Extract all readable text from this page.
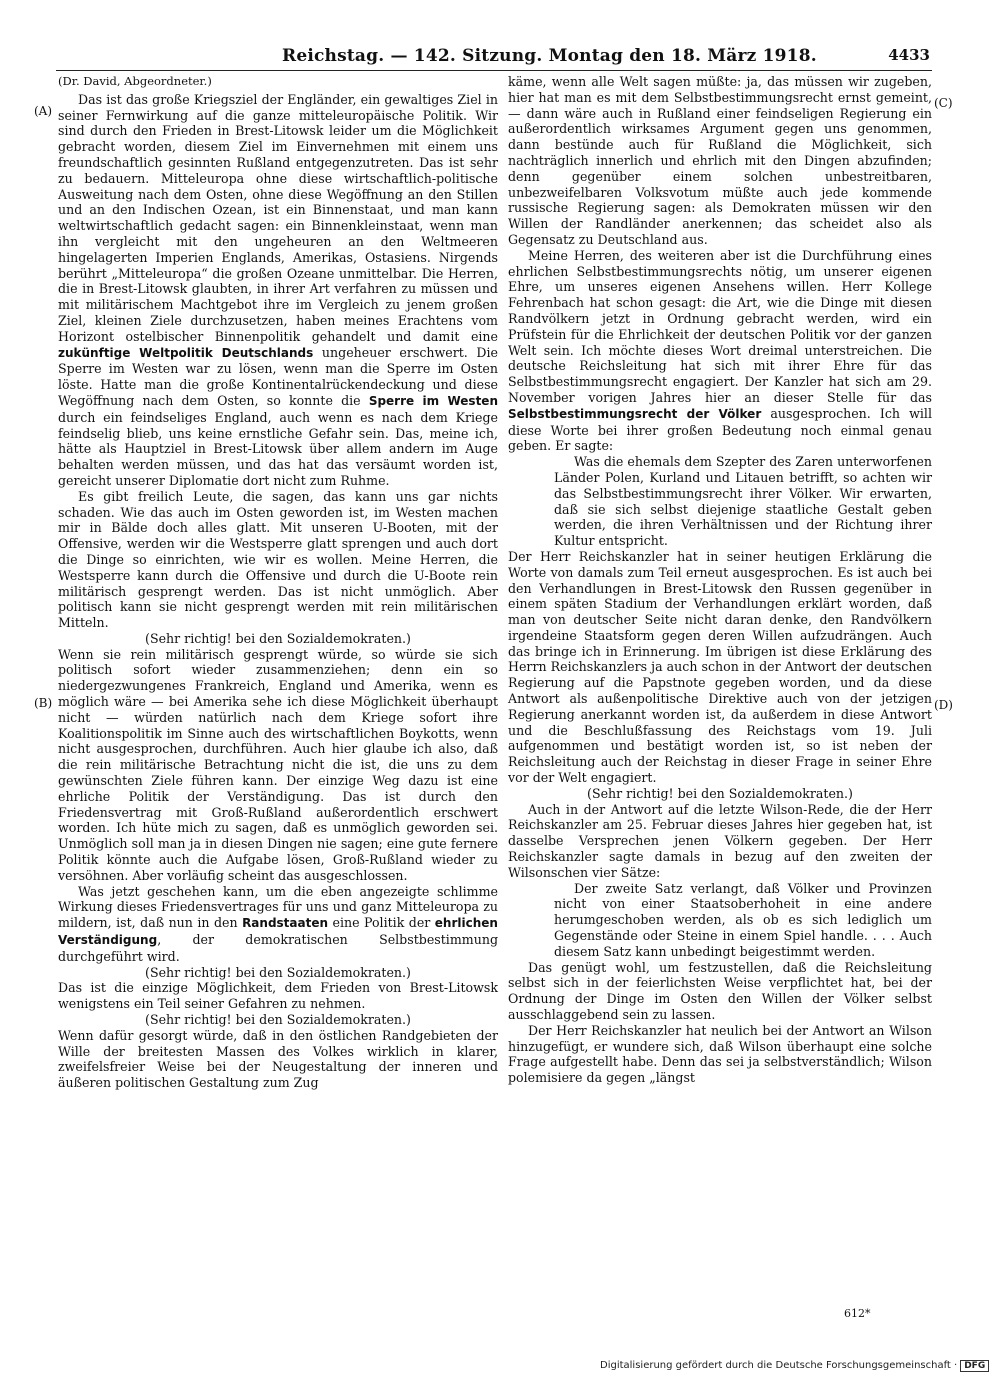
Reichstag. — 142. Sitzung. Montag den 18. März 1918.	4433
(A)
(B)
(C)
(D)
(Dr. David, Abgeordneter.)

Das ist das große Kriegsziel der Engländer, ein gewaltiges Ziel in seiner Fernwirkung auf die ganze mitteleuropäische Politik. Wir sind durch den Frieden in Brest-Litowsk leider um die Möglichkeit gebracht worden, diesem Ziel im Einvernehmen mit einem uns freundschaftlich gesinnten Rußland entgegenzutreten. Das ist sehr zu bedauern. Mitteleuropa ohne diese wirtschaftlich-politische Ausweitung nach dem Osten, ohne diese Wegöffnung an den Stillen und an den Indischen Ozean, ist ein Binnenstaat, und man kann weltwirtschaftlich gedacht sagen: ein Binnenkleinstaat, wenn man ihn vergleicht mit den ungeheuren an den Weltmeeren hingelagerten Imperien Englands, Amerikas, Ostasiens. Nirgends berührt „Mitteleuropa“ die großen Ozeane unmittelbar. Die Herren, die in Brest-Litowsk glaubten, in ihrer Art verfahren zu müssen und mit militärischem Machtgebot ihre im Vergleich zu jenem großen Ziel, kleinen Ziele durchzusetzen, haben meines Erachtens vom Horizont ostelbischer Binnenpolitik gehandelt und damit eine zukünftige Weltpolitik Deutschlands ungeheuer erschwert. Die Sperre im Westen war zu lösen, wenn man die Sperre im Osten löste. Hatte man die große Kontinentalrückendeckung und diese Wegöffnung nach dem Osten, so konnte die Sperre im Westen durch ein feindseliges England, auch wenn es nach dem Kriege feindselig blieb, uns keine ernstliche Gefahr sein. Das, meine ich, hätte als Hauptziel in Brest-Litowsk über allem andern im Auge behalten werden müssen, und das hat das versäumt worden ist, gereicht unserer Diplomatie dort nicht zum Ruhme.

Es gibt freilich Leute, die sagen, das kann uns gar nichts schaden. Wie das auch im Osten geworden ist, im Westen machen mir in Bälde doch alles glatt. Mit unseren U-Booten, mit der Offensive, werden wir die Westsperre glatt sprengen und auch dort die Dinge so einrichten, wie wir es wollen. Meine Herren, die Westsperre kann durch die Offensive und durch die U-Boote rein militärisch gesprengt werden. Das ist nicht unmöglich. Aber politisch kann sie nicht gesprengt werden mit rein militärischen Mitteln.

(Sehr richtig! bei den Sozialdemokraten.)

Wenn sie rein militärisch gesprengt würde, so würde sie sich politisch sofort wieder zusammenziehen; denn ein so niedergezwungenes Frankreich, England und Amerika, wenn es möglich wäre — bei Amerika sehe ich diese Möglichkeit überhaupt nicht — würden natürlich nach dem Kriege sofort ihre Koalitionspolitik im Sinne auch des wirtschaftlichen Boykotts, wenn nicht ausgesprochen, durchführen. Auch hier glaube ich also, daß die rein militärische Betrachtung nicht die ist, die uns zu dem gewünschten Ziele führen kann. Der einzige Weg dazu ist eine ehrliche Politik der Verständigung. Das ist durch den Friedensvertrag mit Groß-Rußland außerordentlich erschwert worden. Ich hüte mich zu sagen, daß es unmöglich geworden sei. Unmöglich soll man ja in diesen Dingen nie sagen; eine gute fernere Politik könnte auch die Aufgabe lösen, Groß-Rußland wieder zu versöhnen. Aber vorläufig scheint das ausgeschlossen.

Was jetzt geschehen kann, um die eben angezeigte schlimme Wirkung dieses Friedensvertrages für uns und ganz Mitteleuropa zu mildern, ist, daß nun in den Randstaaten eine Politik der ehrlichen Verständigung, der demokratischen Selbstbestimmung durchgeführt wird.

(Sehr richtig! bei den Sozialdemokraten.)

Das ist die einzige Möglichkeit, dem Frieden von Brest-Litowsk wenigstens ein Teil seiner Gefahren zu nehmen.

(Sehr richtig! bei den Sozialdemokraten.)

Wenn dafür gesorgt würde, daß in den östlichen Randgebieten der Wille der breitesten Massen des Volkes wirklich in klarer, zweifelsfreier Weise bei der Neugestaltung der inneren und äußeren politischen Gestaltung zum Zug

käme, wenn alle Welt sagen müßte: ja, das müssen wir zugeben, hier hat man es mit dem Selbstbestimmungsrecht ernst gemeint, — dann wäre auch in Rußland einer feindseligen Regierung ein außerordentlich wirksames Argument gegen uns genommen, dann bestünde auch für Rußland die Möglichkeit, sich nachträglich innerlich und ehrlich mit den Dingen abzufinden; denn gegenüber einem solchen unbestreitbaren, unbezweifelbaren Volksvotum müßte auch jede kommende russische Regierung sagen: als Demokraten müssen wir den Willen der Randländer anerkennen; das scheidet also als Gegensatz zu Deutschland aus.

Meine Herren, des weiteren aber ist die Durchführung eines ehrlichen Selbstbestimmungsrechts nötig, um unserer eigenen Ehre, um unseres eigenen Ansehens willen. Herr Kollege Fehrenbach hat schon gesagt: die Art, wie die Dinge mit diesen Randvölkern jetzt in Ordnung gebracht werden, wird ein Prüfstein für die Ehrlichkeit der deutschen Politik vor der ganzen Welt sein. Ich möchte dieses Wort dreimal unterstreichen. Die deutsche Reichsleitung hat sich mit ihrer Ehre für das Selbstbestimmungsrecht engagiert. Der Kanzler hat sich am 29. November vorigen Jahres hier an dieser Stelle für das Selbstbestimmungsrecht der Völker ausgesprochen. Ich will diese Worte bei ihrer großen Bedeutung noch einmal genau geben. Er sagte:

Was die ehemals dem Szepter des Zaren unterworfenen Länder Polen, Kurland und Litauen betrifft, so achten wir das Selbstbestimmungsrecht ihrer Völker. Wir erwarten, daß sie sich selbst diejenige staatliche Gestalt geben werden, die ihren Verhältnissen und der Richtung ihrer Kultur entspricht.

Der Herr Reichskanzler hat in seiner heutigen Erklärung die Worte von damals zum Teil erneut ausgesprochen. Es ist auch bei den Verhandlungen in Brest-Litowsk den Russen gegenüber in einem späten Stadium der Verhandlungen erklärt worden, daß man von deutscher Seite nicht daran denke, den Randvölkern irgendeine Staatsform gegen deren Willen aufzudrängen. Auch das bringe ich in Erinnerung. Im übrigen ist diese Erklärung des Herrn Reichskanzlers ja auch schon in der Antwort der deutschen Regierung auf die Papstnote gegeben worden, und da diese Antwort als außenpolitische Direktive auch von der jetzigen Regierung anerkannt worden ist, da außerdem in diese Antwort und die Beschlußfassung des Reichstags vom 19. Juli aufgenommen und bestätigt worden ist, so ist neben der Reichsleitung auch der Reichstag in dieser Frage in seiner Ehre vor der Welt engagiert.

(Sehr richtig! bei den Sozialdemokraten.)

Auch in der Antwort auf die letzte Wilson-Rede, die der Herr Reichskanzler am 25. Februar dieses Jahres hier gegeben hat, ist dasselbe Versprechen jenen Völkern gegeben. Der Herr Reichskanzler sagte damals in bezug auf den zweiten der Wilsonschen vier Sätze:

Der zweite Satz verlangt, daß Völker und Provinzen nicht von einer Staatsoberhoheit in eine andere herumgeschoben werden, als ob es sich lediglich um Gegenstände oder Steine in einem Spiel handle. . . . Auch diesem Satz kann unbedingt beigestimmt werden.

Das genügt wohl, um festzustellen, daß die Reichsleitung selbst sich in der feierlichsten Weise verpflichtet hat, bei der Ordnung der Dinge im Osten den Willen der Völker selbst ausschlaggebend sein zu lassen.

Der Herr Reichskanzler hat neulich bei der Antwort an Wilson hinzugefügt, er wundere sich, daß Wilson überhaupt eine solche Frage aufgestellt habe. Denn das sei ja selbstverständlich; Wilson polemisiere da gegen „längst

612*
Digitalisierung gefördert durch die Deutsche Forschungsgemeinschaft · DFG
